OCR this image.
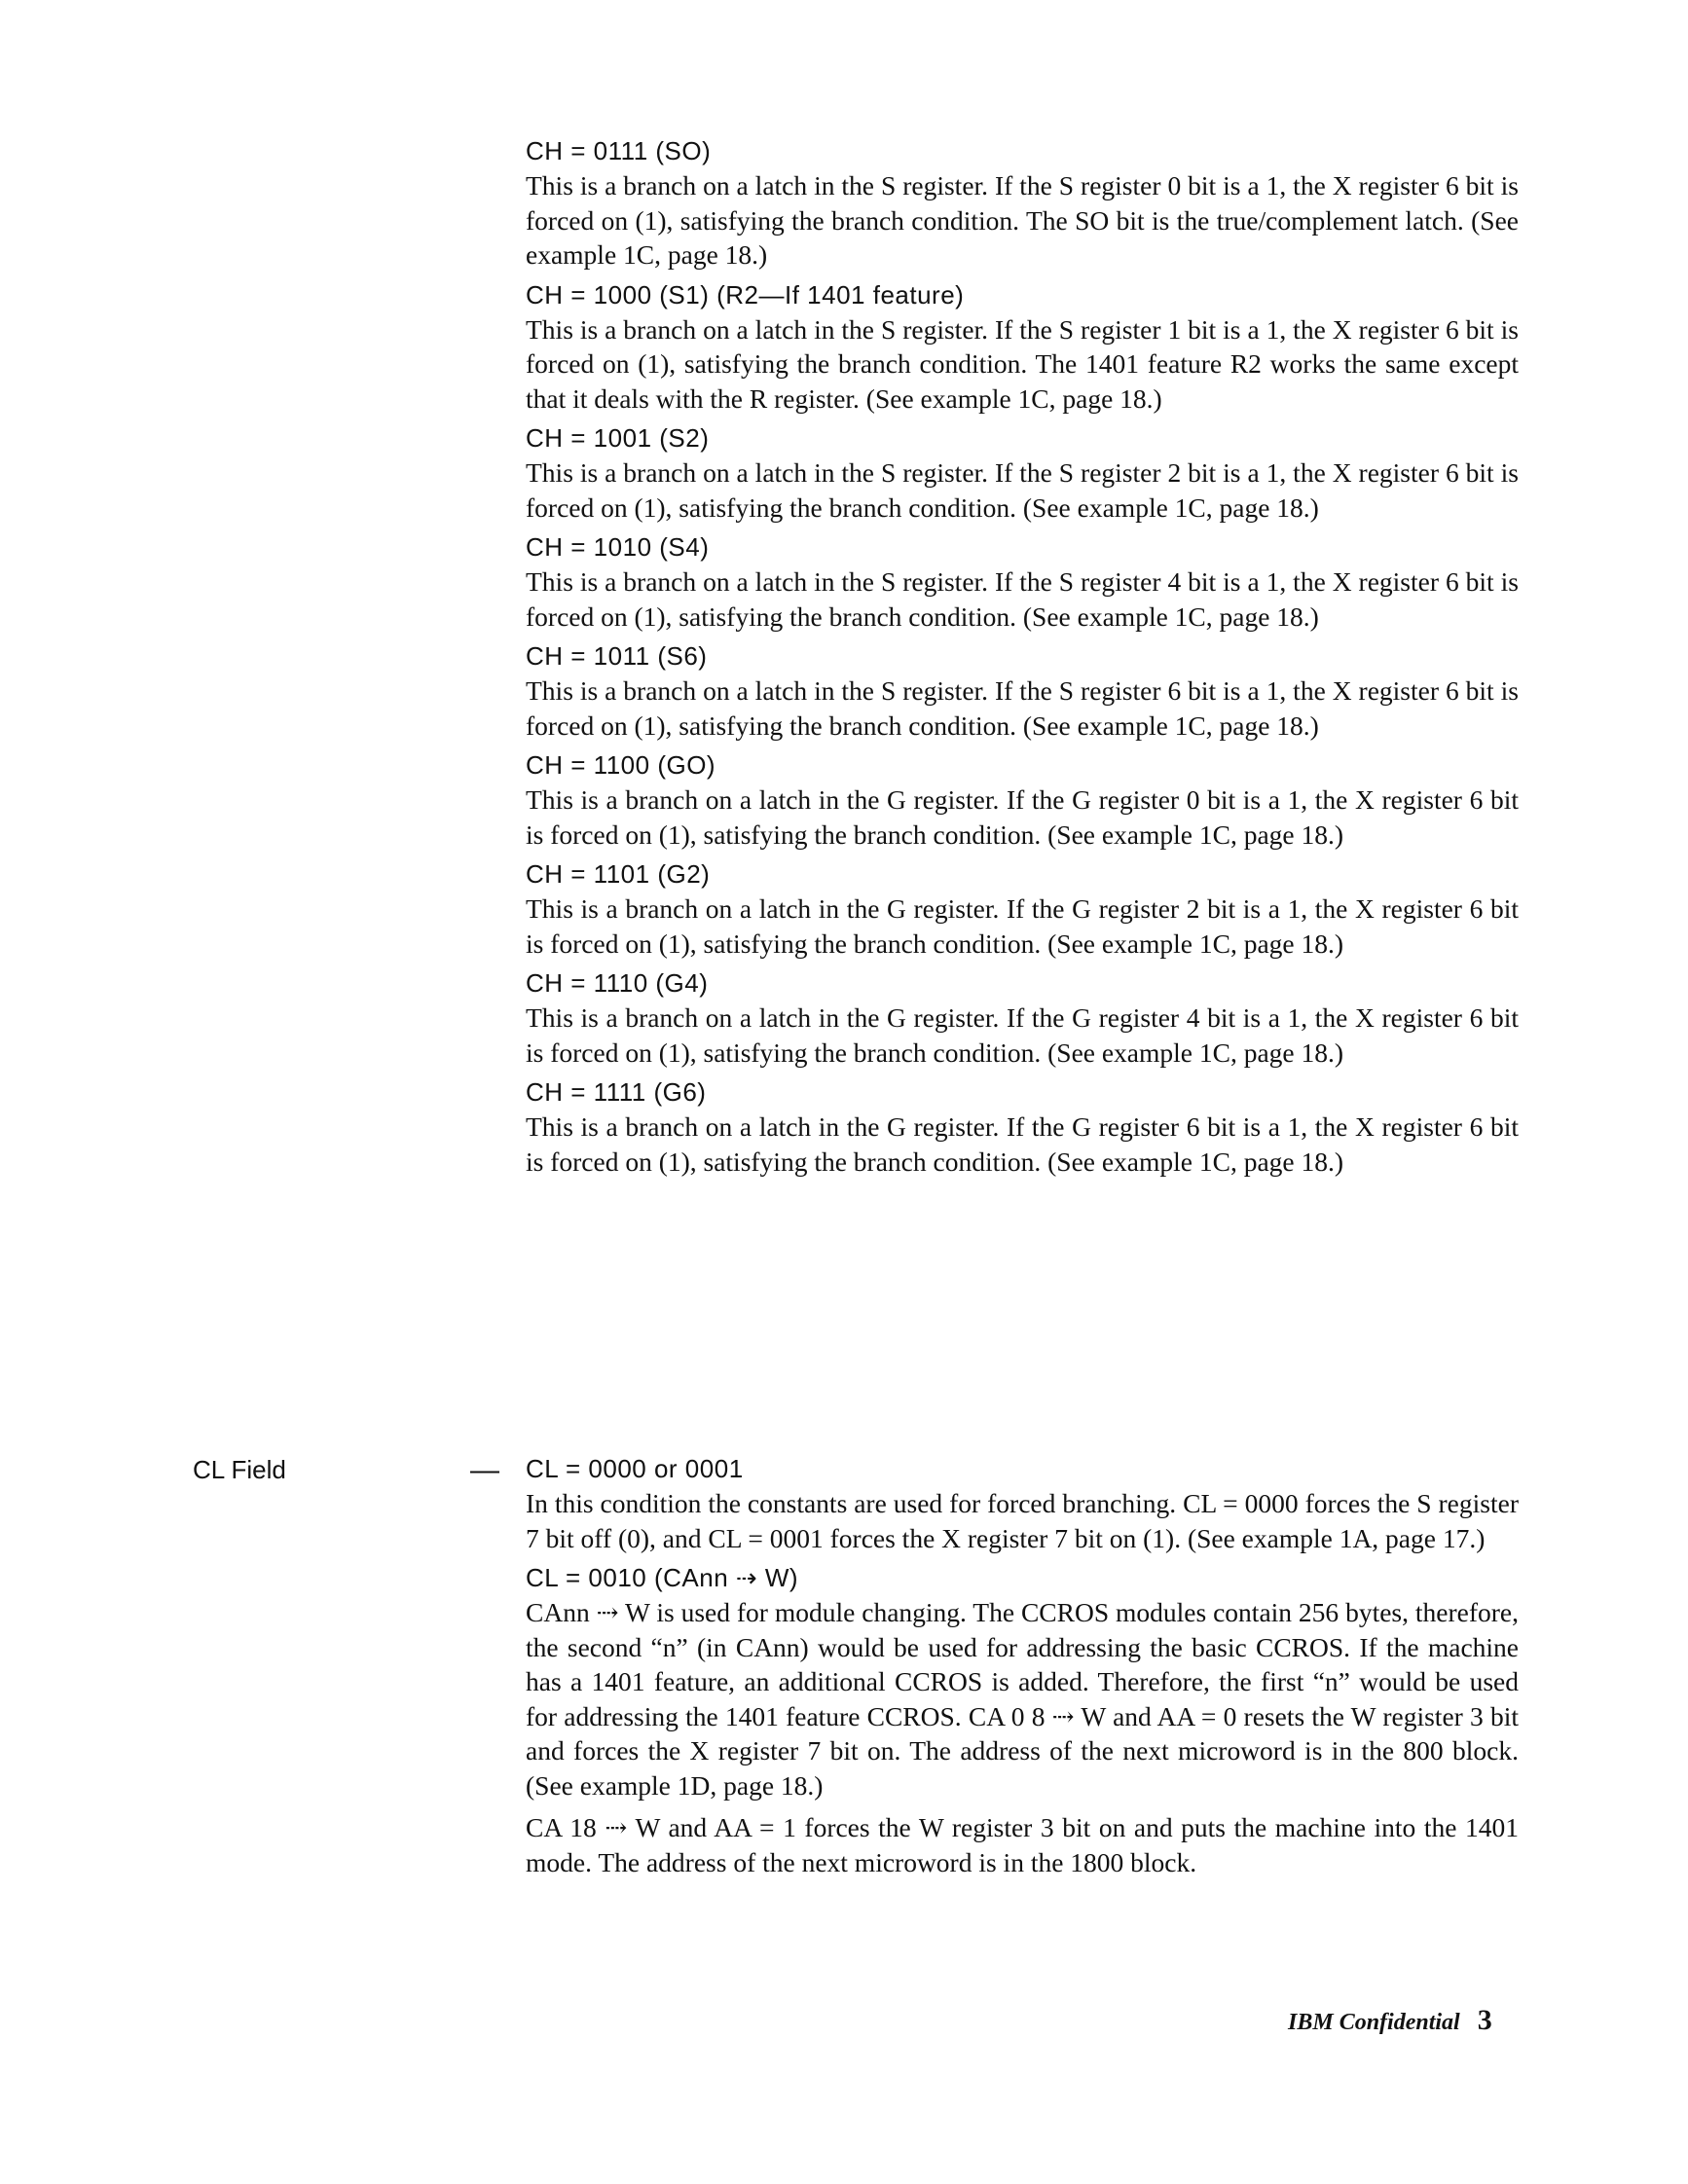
CH = 0111 (SO)
This is a branch on a latch in the S register. If the S register 0 bit is a 1, the X register 6 bit is forced on (1), satisfying the branch condition. The SO bit is the true/complement latch. (See example 1C, page 18.)
CH = 1000 (S1) (R2—If 1401 feature)
This is a branch on a latch in the S register. If the S register 1 bit is a 1, the X register 6 bit is forced on (1), satisfying the branch condition. The 1401 feature R2 works the same except that it deals with the R register. (See example 1C, page 18.)
CH = 1001 (S2)
This is a branch on a latch in the S register. If the S register 2 bit is a 1, the X register 6 bit is forced on (1), satisfying the branch condition. (See example 1C, page 18.)
CH = 1010 (S4)
This is a branch on a latch in the S register. If the S register 4 bit is a 1, the X register 6 bit is forced on (1), satisfying the branch condition. (See example 1C, page 18.)
CH = 1011 (S6)
This is a branch on a latch in the S register. If the S register 6 bit is a 1, the X register 6 bit is forced on (1), satisfying the branch condition. (See example 1C, page 18.)
CH = 1100 (GO)
This is a branch on a latch in the G register. If the G register 0 bit is a 1, the X register 6 bit is forced on (1), satisfying the branch condition. (See example 1C, page 18.)
CH = 1101 (G2)
This is a branch on a latch in the G register. If the G register 2 bit is a 1, the X register 6 bit is forced on (1), satisfying the branch condition. (See example 1C, page 18.)
CH = 1110 (G4)
This is a branch on a latch in the G register. If the G register 4 bit is a 1, the X register 6 bit is forced on (1), satisfying the branch condition. (See example 1C, page 18.)
CH = 1111 (G6)
This is a branch on a latch in the G register. If the G register 6 bit is a 1, the X register 6 bit is forced on (1), satisfying the branch condition. (See example 1C, page 18.)
CL Field	— CL = 0000 or 0001
In this condition the constants are used for forced branching. CL = 0000 forces the S register 7 bit off (0), and CL = 0001 forces the X register 7 bit on (1). (See example 1A, page 17.)
CL = 0010 (CAnn ⇢ W)
CAnn ⇢ W is used for module changing. The CCROS modules contain 256 bytes, therefore, the second “n” (in CAnn) would be used for addressing the basic CCROS. If the machine has a 1401 feature, an additional CCROS is added. Therefore, the first “n” would be used for addressing the 1401 feature CCROS. CA 0 8 ⇢ W and AA = 0 resets the W register 3 bit and forces the X register 7 bit on. The address of the next microword is in the 800 block. (See example 1D, page 18.)
CA 18 ⇢ W and AA = 1 forces the W register 3 bit on and puts the machine into the 1401 mode. The address of the next microword is in the 1800 block.
IBM Confidential 3
